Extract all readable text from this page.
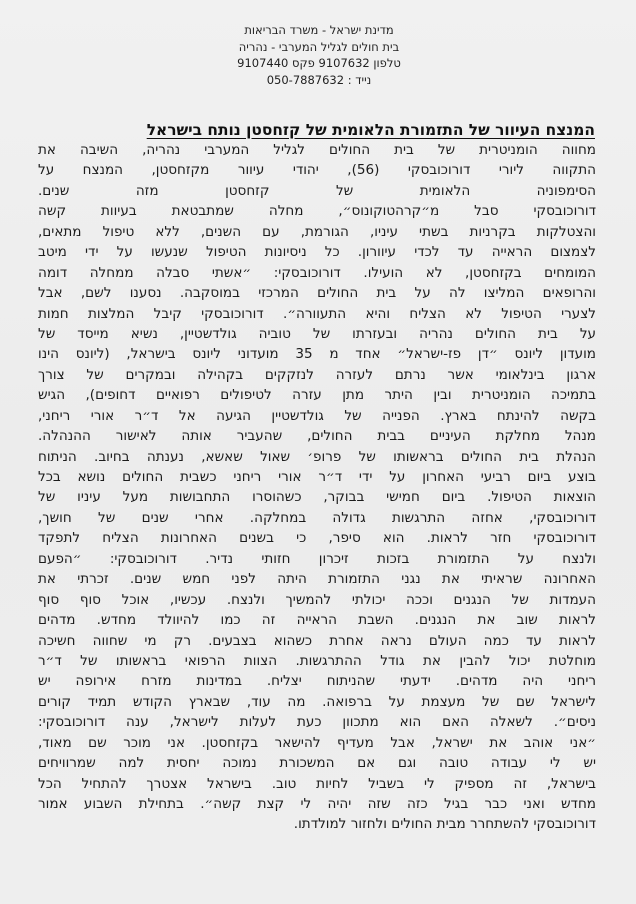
מדינת ישראל - משרד הבריאות
בית חולים לגליל המערבי - נהריה
טלפון 9107632 פקס 9107440
נייד : 050-7887632
המנצח העיוור של התזמורת הלאומית של קזחסטן נותח בישראל
מחווה הומניטרית של בית החולים לגליל המערבי נהריה, השיבה את
התקווה ליורי דורוכובסקי (56), יהודי עיוור מקזחסטן, המנצח על
הסימפוניה הלאומית של קזחסטן מזה שנים.
דורוכובסקי סבל מ״קרהטוקונוס״, מחלה שמתבטאת בעיוות קשה
והצטלקות בקרניות בשתי עיניו, הגורמת, עם השנים, ללא טיפול מתאים,
לצמצום הראייה עד לכדי עיוורון. כל ניסיונות הטיפול שנעשו על ידי מיטב
המומחים בקזחסטן, לא הועילו. דורוכובסקי: ״אשתי סבלה ממחלה דומה
והרופאים המליצו לה על בית החולים המרכזי במוסקבה. נסענו לשם, אבל
לצערי הטיפול לא הצליח והיא התעוורה״. דורוכובסקי קיבל המלצות חמות
על בית החולים נהריה ובעזרתו של טוביה גולדשטיין, נשיא מייסד של
מועדון ליונס ״דן פז-ישראל״ אחד מ 35 מועדוני ליונס בישראל, (ליונס הינו
ארגון בינלאומי אשר נרתם לעזרה לנזקקים בקהילה ובמקרים של צורך
בתמיכה הומניטרית ובין היתר מתן עזרה לטיפולים רפואיים דחופים), הגיש
בקשה להינתח בארץ. הפנייה של גולדשטיין הגיעה אל ד״ר אורי ריחני,
מנהל מחלקת העיניים בבית החולים, שהעביר אותה לאישור ההנהלה.
הנהלת בית החולים בראשותו של פרופ׳ שאול שאשא, נענתה בחיוב. הניתוח
בוצע ביום רביעי האחרון על ידי ד״ר אורי ריחני כשבית החולים נושא בכל
הוצאות הטיפול. ביום חמישי בבוקר, כשהוסרו התחבושות מעל עיניו של
דורוכובסקי, אחזה התרגשות גדולה במחלקה. אחרי שנים של חושך,
דורוכובסקי חזר לראות. הוא סיפר, כי בשנים האחרונות הצליח לתפקד
ולנצח על התזמורת בזכות זיכרון חזותי נדיר. דורוכובסקי: ״הפעם
האחרונה שראיתי את נגני התזמורת היתה לפני חמש שנים. זכרתי את
העמדות של הנגנים וככה יכולתי להמשיך ולנצח. עכשיו, אוכל סוף סוף
לראות שוב את הנגנים. השבת הראייה זה כמו להיוולד מחדש. מדהים
לראות עד כמה העולם נראה אחרת כשהוא בצבעים. רק מי שחווה חשיכה
מוחלטת יכול להבין את גודל ההתרגשות. הצוות הרפואי בראשותו של ד״ר
ריחני היה מדהים. ידעתי שהניתוח יצליח. במדינות מזרח אירופה יש
לישראל שם של מעצמת על ברפואה. מה עוד, שבארץ הקודש תמיד קורים
ניסים״. לשאלה האם הוא מתכוון כעת לעלות לישראל, ענה דורוכובסקי:
״אני אוהב את ישראל, אבל מעדיף להישאר בקזחסטן. אני מוכר שם מאוד,
יש לי עבודה טובה וגם אם המשכורת נמוכה יחסית למה שמרוויחים
בישראל, זה מספיק לי בשביל לחיות טוב. בישראל אצטרך להתחיל הכל
מחדש ואני כבר בגיל כזה שזה יהיה לי קצת קשה״. בתחילת השבוע אמור
דורוכובסקי להשתחרר מבית החולים ולחזור למולדתו.
